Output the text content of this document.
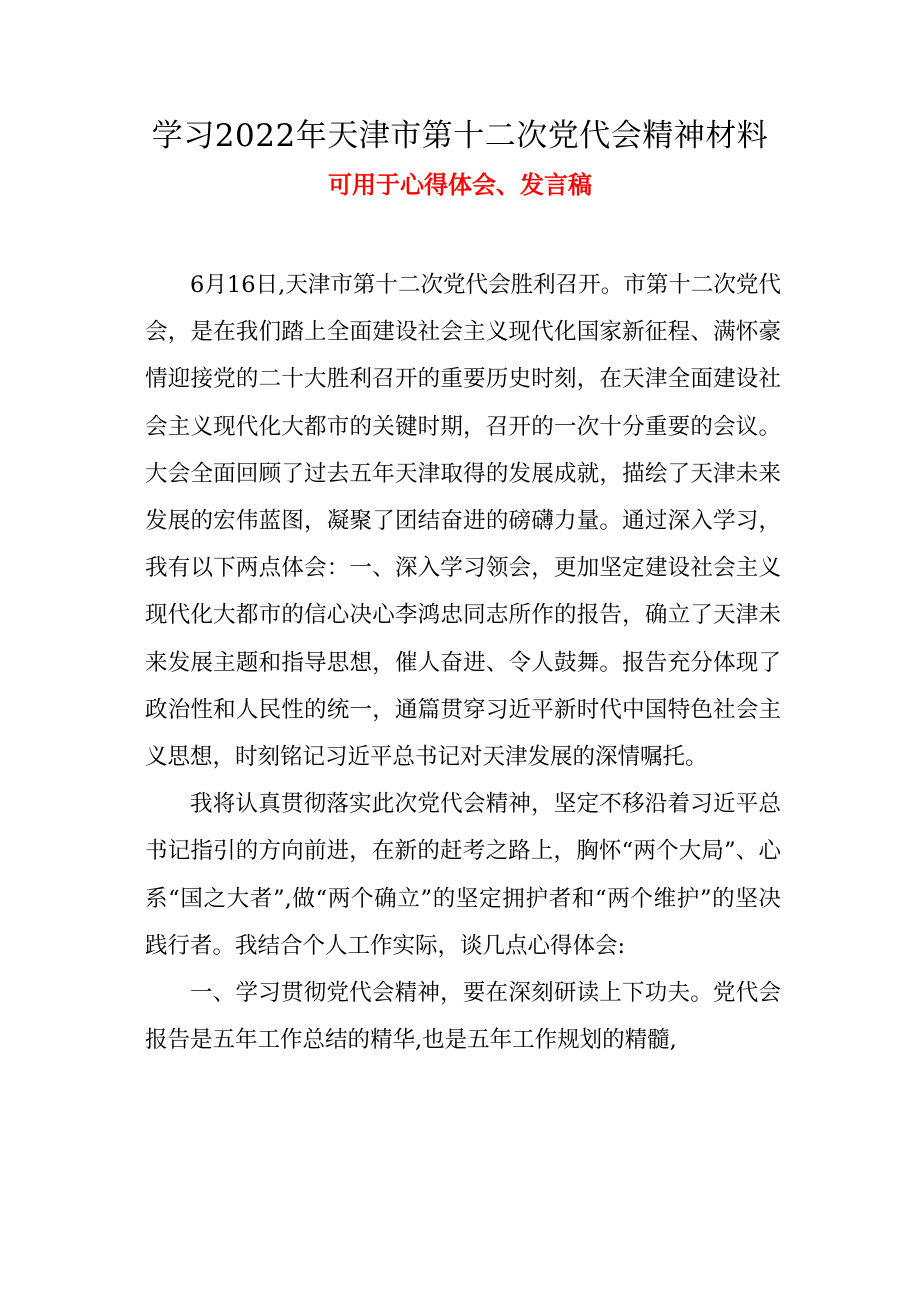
学习2022年天津市第十二次党代会精神材料
可用于心得体会、发言稿

6月16日,天津市第十二次党代会胜利召开。市第十二次党代会，是在我们踏上全面建设社会主义现代化国家新征程、满怀豪情迎接党的二十大胜利召开的重要历史时刻，在天津全面建设社会主义现代化大都市的关键时期，召开的一次十分重要的会议。大会全面回顾了过去五年天津取得的发展成就，描绘了天津未来发展的宏伟蓝图，凝聚了团结奋进的磅礴力量。通过深入学习，我有以下两点体会：一、深入学习领会，更加坚定建设社会主义现代化大都市的信心决心李鸿忠同志所作的报告，确立了天津未来发展主题和指导思想，催人奋进、令人鼓舞。报告充分体现了政治性和人民性的统一，通篇贯穿习近平新时代中国特色社会主义思想，时刻铭记习近平总书记对天津发展的深情嘱托。

我将认真贯彻落实此次党代会精神，坚定不移沿着习近平总书记指引的方向前进，在新的赶考之路上，胸怀“两个大局”、心系“国之大者”,做“两个确立”的坚定拥护者和“两个维护”的坚决践行者。我结合个人工作实际，谈几点心得体会:

一、学习贯彻党代会精神，要在深刻研读上下功夫。党代会报告是五年工作总结的精华,也是五年工作规划的精髓,
